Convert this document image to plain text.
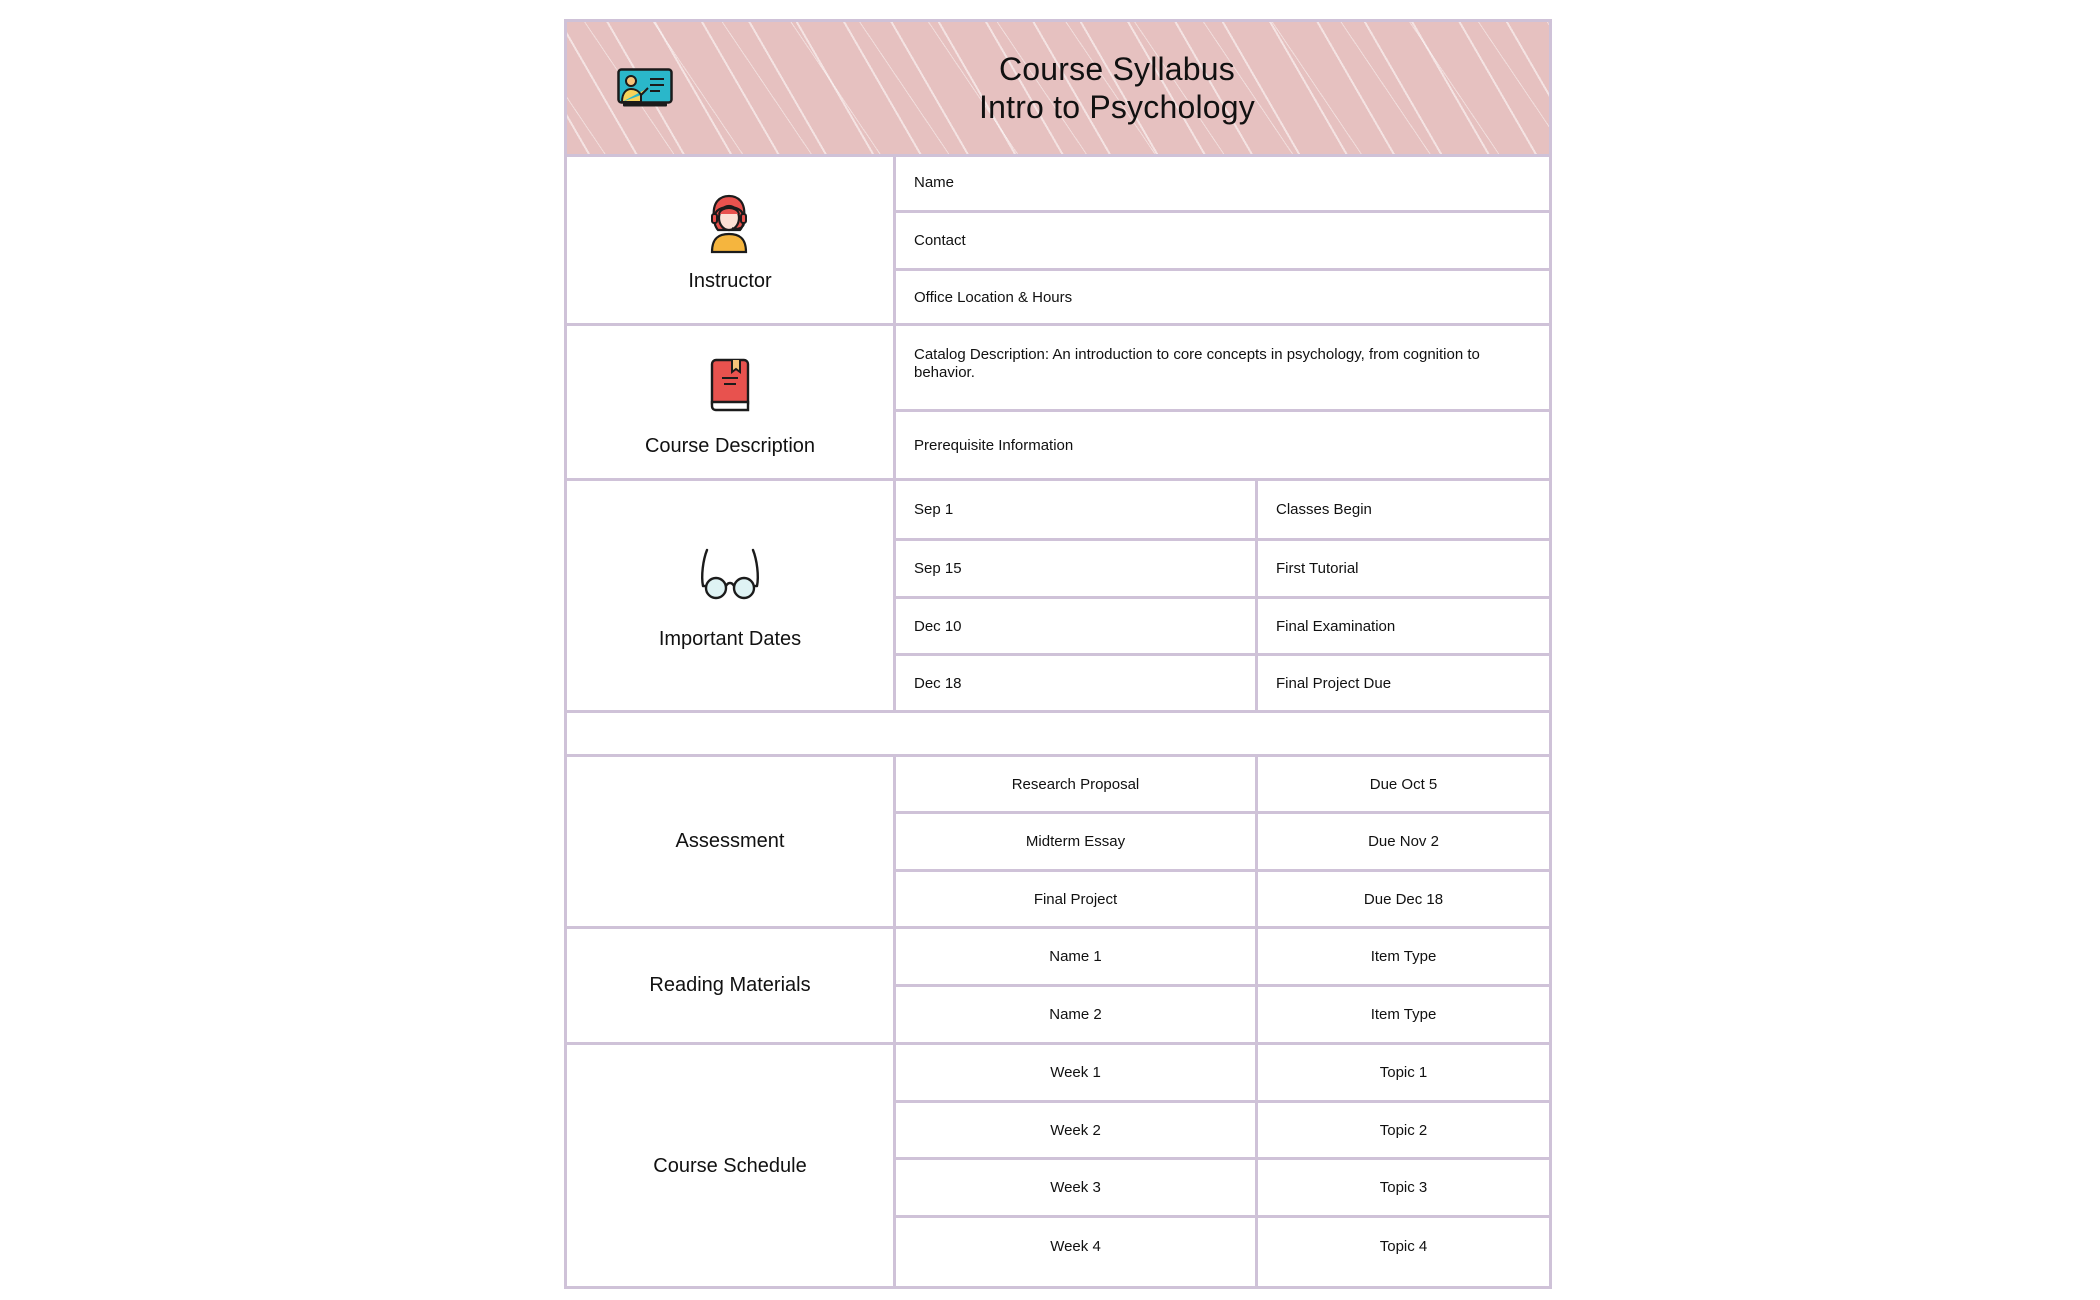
Course Syllabus
Intro to Psychology
Instructor
Name
Contact
Office Location & Hours
Course Description
Catalog Description: An introduction to core concepts in psychology, from cognition to behavior.
Prerequisite Information
Important Dates
Sep 1	Classes Begin
Sep 15	First Tutorial
Dec 10	Final Examination
Dec 18	Final Project Due
Assessment
Research Proposal	Due Oct 5
Midterm Essay	Due Nov 2
Final Project	Due Dec 18
Reading Materials
Name 1	Item Type
Name 2	Item Type
Course Schedule
Week 1	Topic 1
Week 2	Topic 2
Week 3	Topic 3
Week 4	Topic 4
